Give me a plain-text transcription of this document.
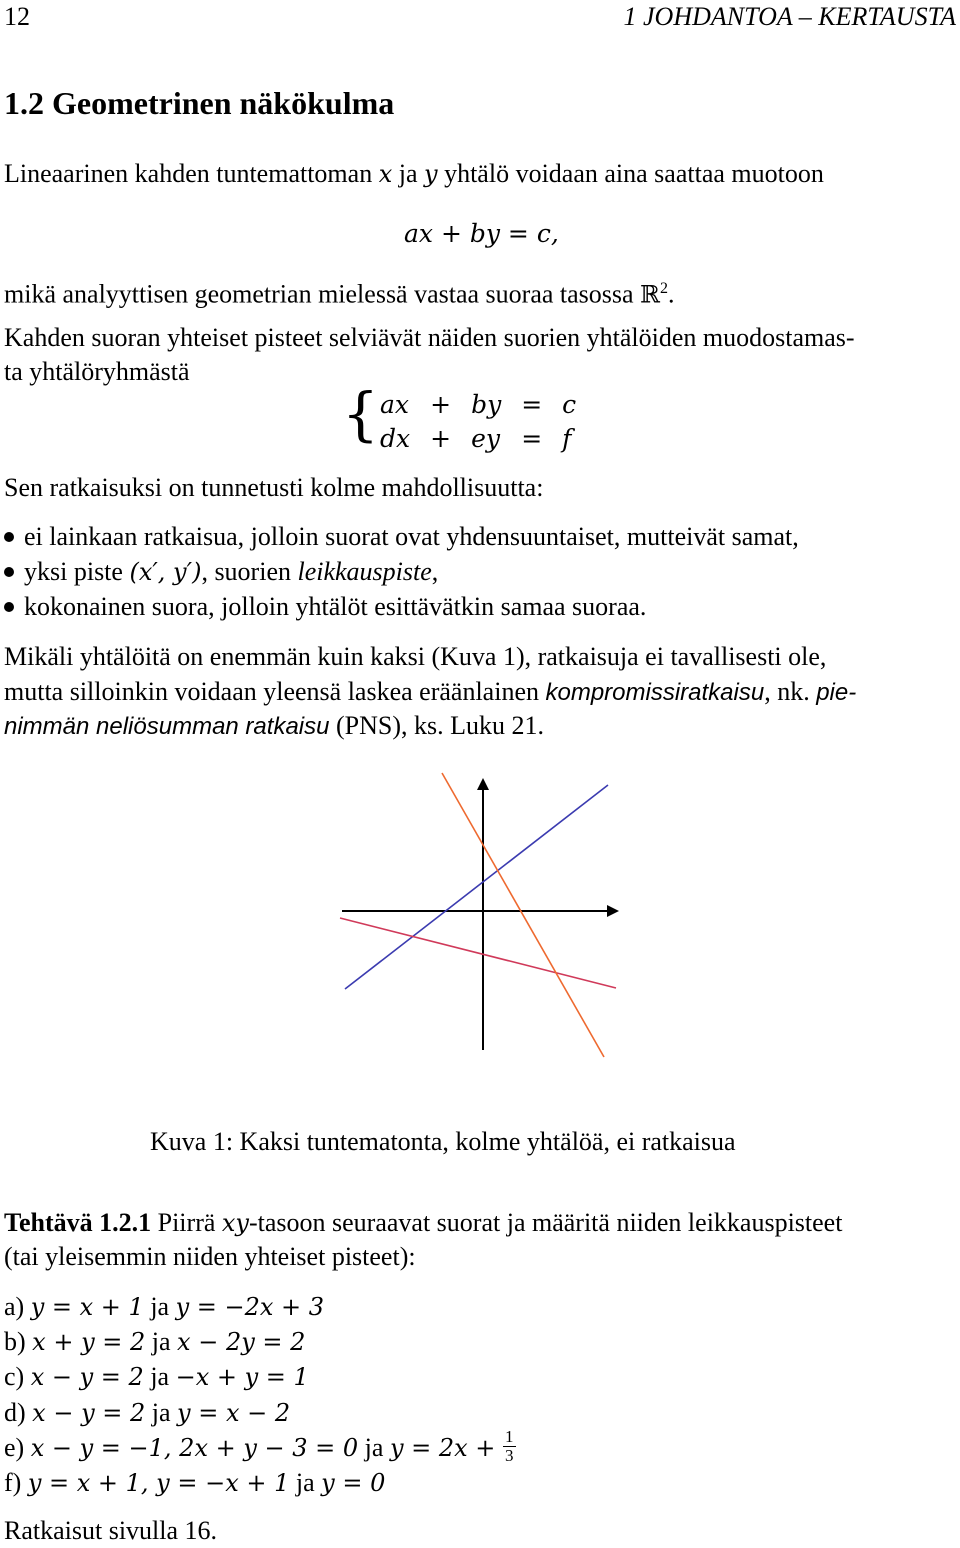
12	1 JOHDANTOA – KERTAUSTA
1.2 Geometrinen näkökulma
Lineaarinen kahden tuntemattoman x ja y yhtälö voidaan aina saattaa muotoon
ax + by = c,
mikä analyyttisen geometrian mielessä vastaa suoraa tasossa ℝ$^2$.
Kahden suoran yhteiset pisteet selviävät näiden suorien yhtälöiden muodostamas-
ta yhtälöryhmästä
{ ax	+	by	=	c
dx	+	ey	=	f
Sen ratkaisuksi on tunnetusti kolme mahdollisuutta:
ei lainkaan ratkaisua, jolloin suorat ovat yhdensuuntaiset, mutteivät samat,
yksi piste (x′, y′), suorien leikkauspiste,
kokonainen suora, jolloin yhtälöt esittävätkin samaa suoraa.
Mikäli yhtälöitä on enemmän kuin kaksi (Kuva 1), ratkaisuja ei tavallisesti ole,
mutta silloinkin voidaan yleensä laskea eräänlainen kompromissiratkaisu, nk. pie-
nimmän neliösumman ratkaisu (PNS), ks. Luku 21.
Kuva 1: Kaksi tuntematonta, kolme yhtälöä, ei ratkaisua
Tehtävä 1.2.1 Piirrä xy-tasoon seuraavat suorat ja määritä niiden leikkauspisteet
(tai yleisemmin niiden yhteiset pisteet):
a) y = x + 1 ja y = −2x + 3
b) x + y = 2 ja x − 2y = 2
c) x − y = 2 ja −x + y = 1
d) x − y = 2 ja y = x − 2
e) x − y = −1, 2x + y − 3 = 0 ja $y = 2x + \frac{1}{3}$
f) y = x + 1, y = −x + 1 ja y = 0
Ratkaisut sivulla 16.
